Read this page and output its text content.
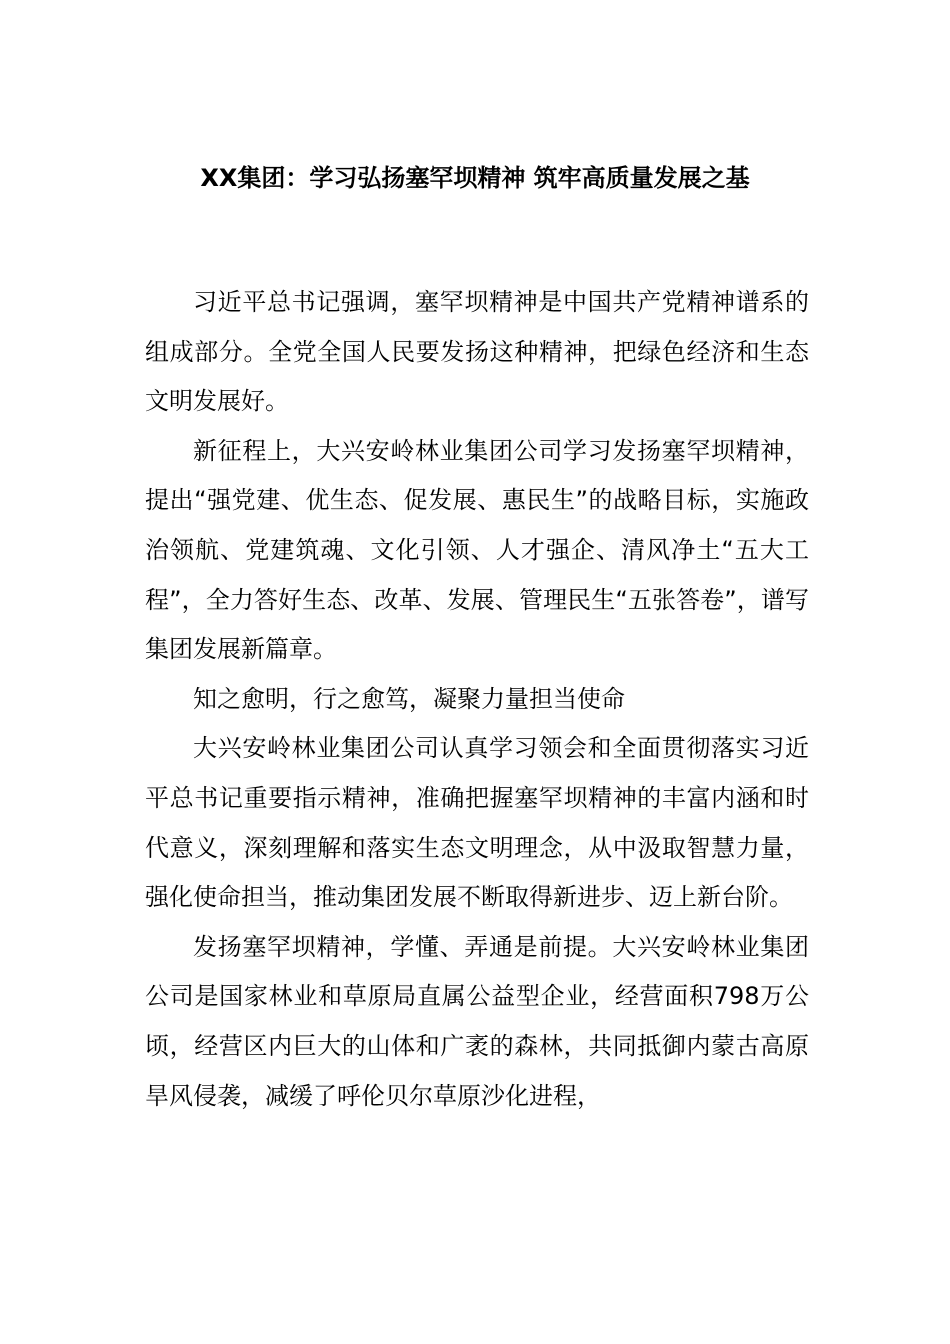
XX集团：学习弘扬塞罕坝精神 筑牢高质量发展之基

习近平总书记强调，塞罕坝精神是中国共产党精神谱系的组成部分。全党全国人民要发扬这种精神，把绿色经济和生态文明发展好。

新征程上，大兴安岭林业集团公司学习发扬塞罕坝精神，提出“强党建、优生态、促发展、惠民生”的战略目标，实施政治领航、党建筑魂、文化引领、人才强企、清风净土“五大工程”，全力答好生态、改革、发展、管理民生“五张答卷”，谱写集团发展新篇章。

知之愈明，行之愈笃，凝聚力量担当使命

大兴安岭林业集团公司认真学习领会和全面贯彻落实习近平总书记重要指示精神，准确把握塞罕坝精神的丰富内涵和时代意义，深刻理解和落实生态文明理念，从中汲取智慧力量，强化使命担当，推动集团发展不断取得新进步、迈上新台阶。

发扬塞罕坝精神，学懂、弄通是前提。大兴安岭林业集团公司是国家林业和草原局直属公益型企业，经营面积798万公顷，经营区内巨大的山体和广袤的森林，共同抵御内蒙古高原旱风侵袭，减缓了呼伦贝尔草原沙化进程，
